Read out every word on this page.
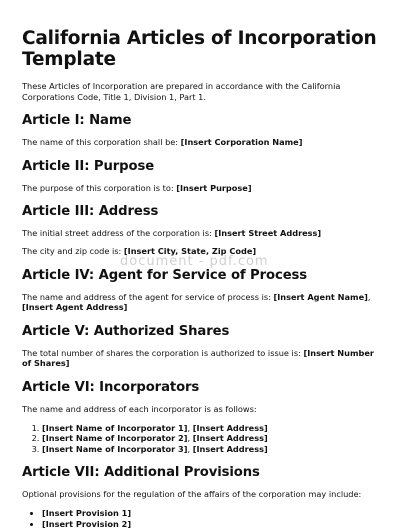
California Articles of Incorporation Template

These Articles of Incorporation are prepared in accordance with the California Corporations Code, Title 1, Division 1, Part 1.

Article I: Name

The name of this corporation shall be: [Insert Corporation Name]

Article II: Purpose

The purpose of this corporation is to: [Insert Purpose]

Article III: Address

The initial street address of the corporation is: [Insert Street Address]

The city and zip code is: [Insert City, State, Zip Code]

Article IV: Agent for Service of Process

The name and address of the agent for service of process is: [Insert Agent Name], [Insert Agent Address]

Article V: Authorized Shares

The total number of shares the corporation is authorized to issue is: [Insert Number of Shares]

Article VI: Incorporators

The name and address of each incorporator is as follows:

1. [Insert Name of Incorporator 1], [Insert Address]
2. [Insert Name of Incorporator 2], [Insert Address]
3. [Insert Name of Incorporator 3], [Insert Address]
Article VII: Additional Provisions

Optional provisions for the regulation of the affairs of the corporation may include:

• [Insert Provision 1]
• [Insert Provision 2]
document - pdf.com
